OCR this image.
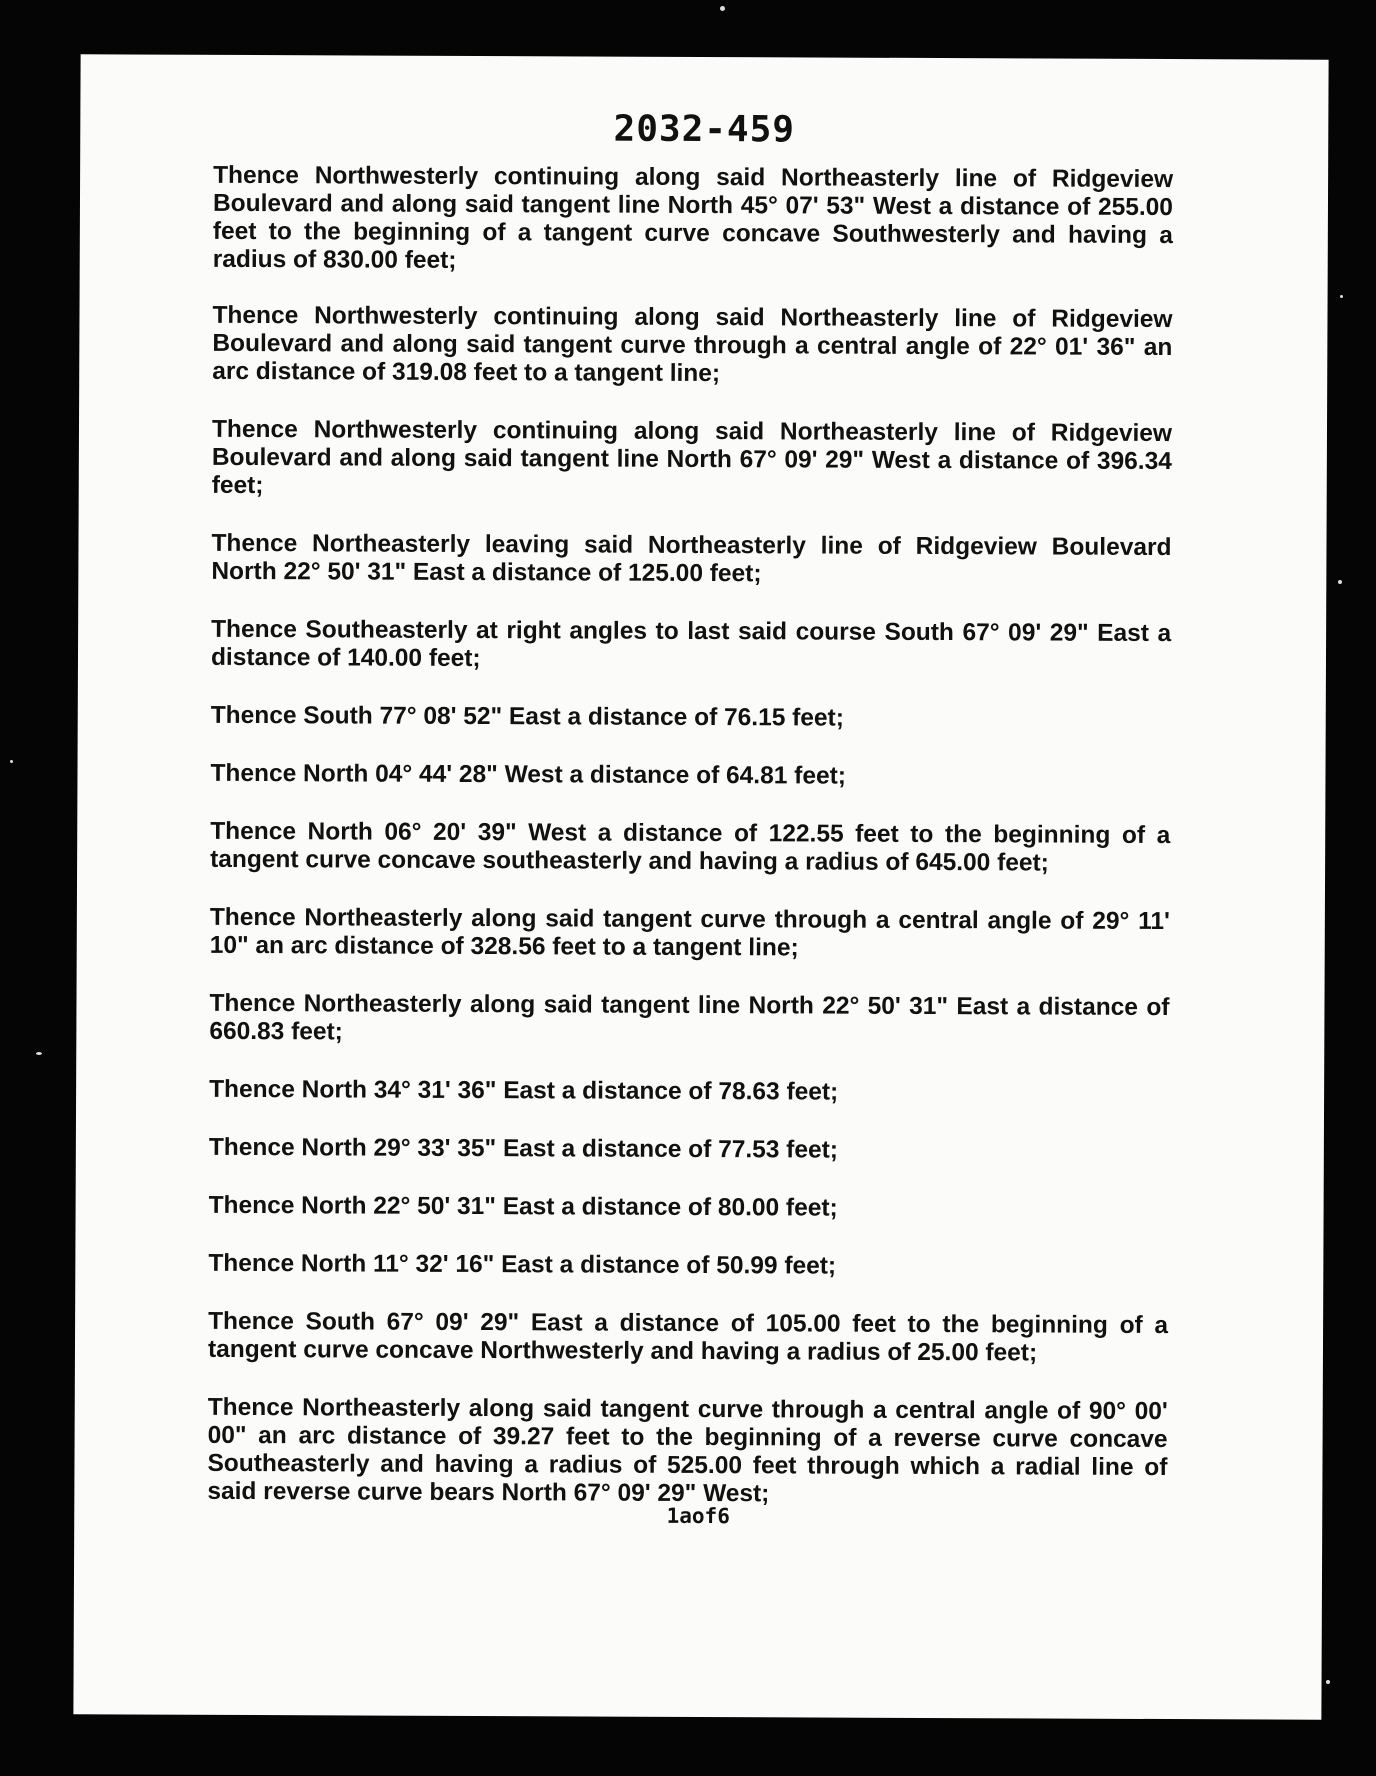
2032-459

Thence Northwesterly continuing along said Northeasterly line of Ridgeview Boulevard and along said tangent line North 45° 07' 53" West a distance of 255.00 feet to the beginning of a tangent curve concave Southwesterly and having a radius of 830.00 feet;

Thence Northwesterly continuing along said Northeasterly line of Ridgeview Boulevard and along said tangent curve through a central angle of 22° 01' 36" an arc distance of 319.08 feet to a tangent line;

Thence Northwesterly continuing along said Northeasterly line of Ridgeview Boulevard and along said tangent line North 67° 09' 29" West a distance of 396.34 feet;

Thence Northeasterly leaving said Northeasterly line of Ridgeview Boulevard North 22° 50' 31" East a distance of 125.00 feet;

Thence Southeasterly at right angles to last said course South 67° 09' 29" East a distance of 140.00 feet;

Thence South 77° 08' 52" East a distance of 76.15 feet;

Thence North 04° 44' 28" West a distance of 64.81 feet;

Thence North 06° 20' 39" West a distance of 122.55 feet to the beginning of a tangent curve concave southeasterly and having a radius of 645.00 feet;

Thence Northeasterly along said tangent curve through a central angle of 29° 11' 10" an arc distance of 328.56 feet to a tangent line;

Thence Northeasterly along said tangent line North 22° 50' 31" East a distance of 660.83 feet;

Thence North 34° 31' 36" East a distance of 78.63 feet;

Thence North 29° 33' 35" East a distance of 77.53 feet;

Thence North 22° 50' 31" East a distance of 80.00 feet;

Thence North 11° 32' 16" East a distance of 50.99 feet;

Thence South 67° 09' 29" East a distance of 105.00 feet to the beginning of a tangent curve concave Northwesterly and having a radius of 25.00 feet;

Thence Northeasterly along said tangent curve through a central angle of 90° 00' 00" an arc distance of 39.27 feet to the beginning of a reverse curve concave Southeasterly and having a radius of 525.00 feet through which a radial line of said reverse curve bears North 67° 09' 29" West;

1aof6
